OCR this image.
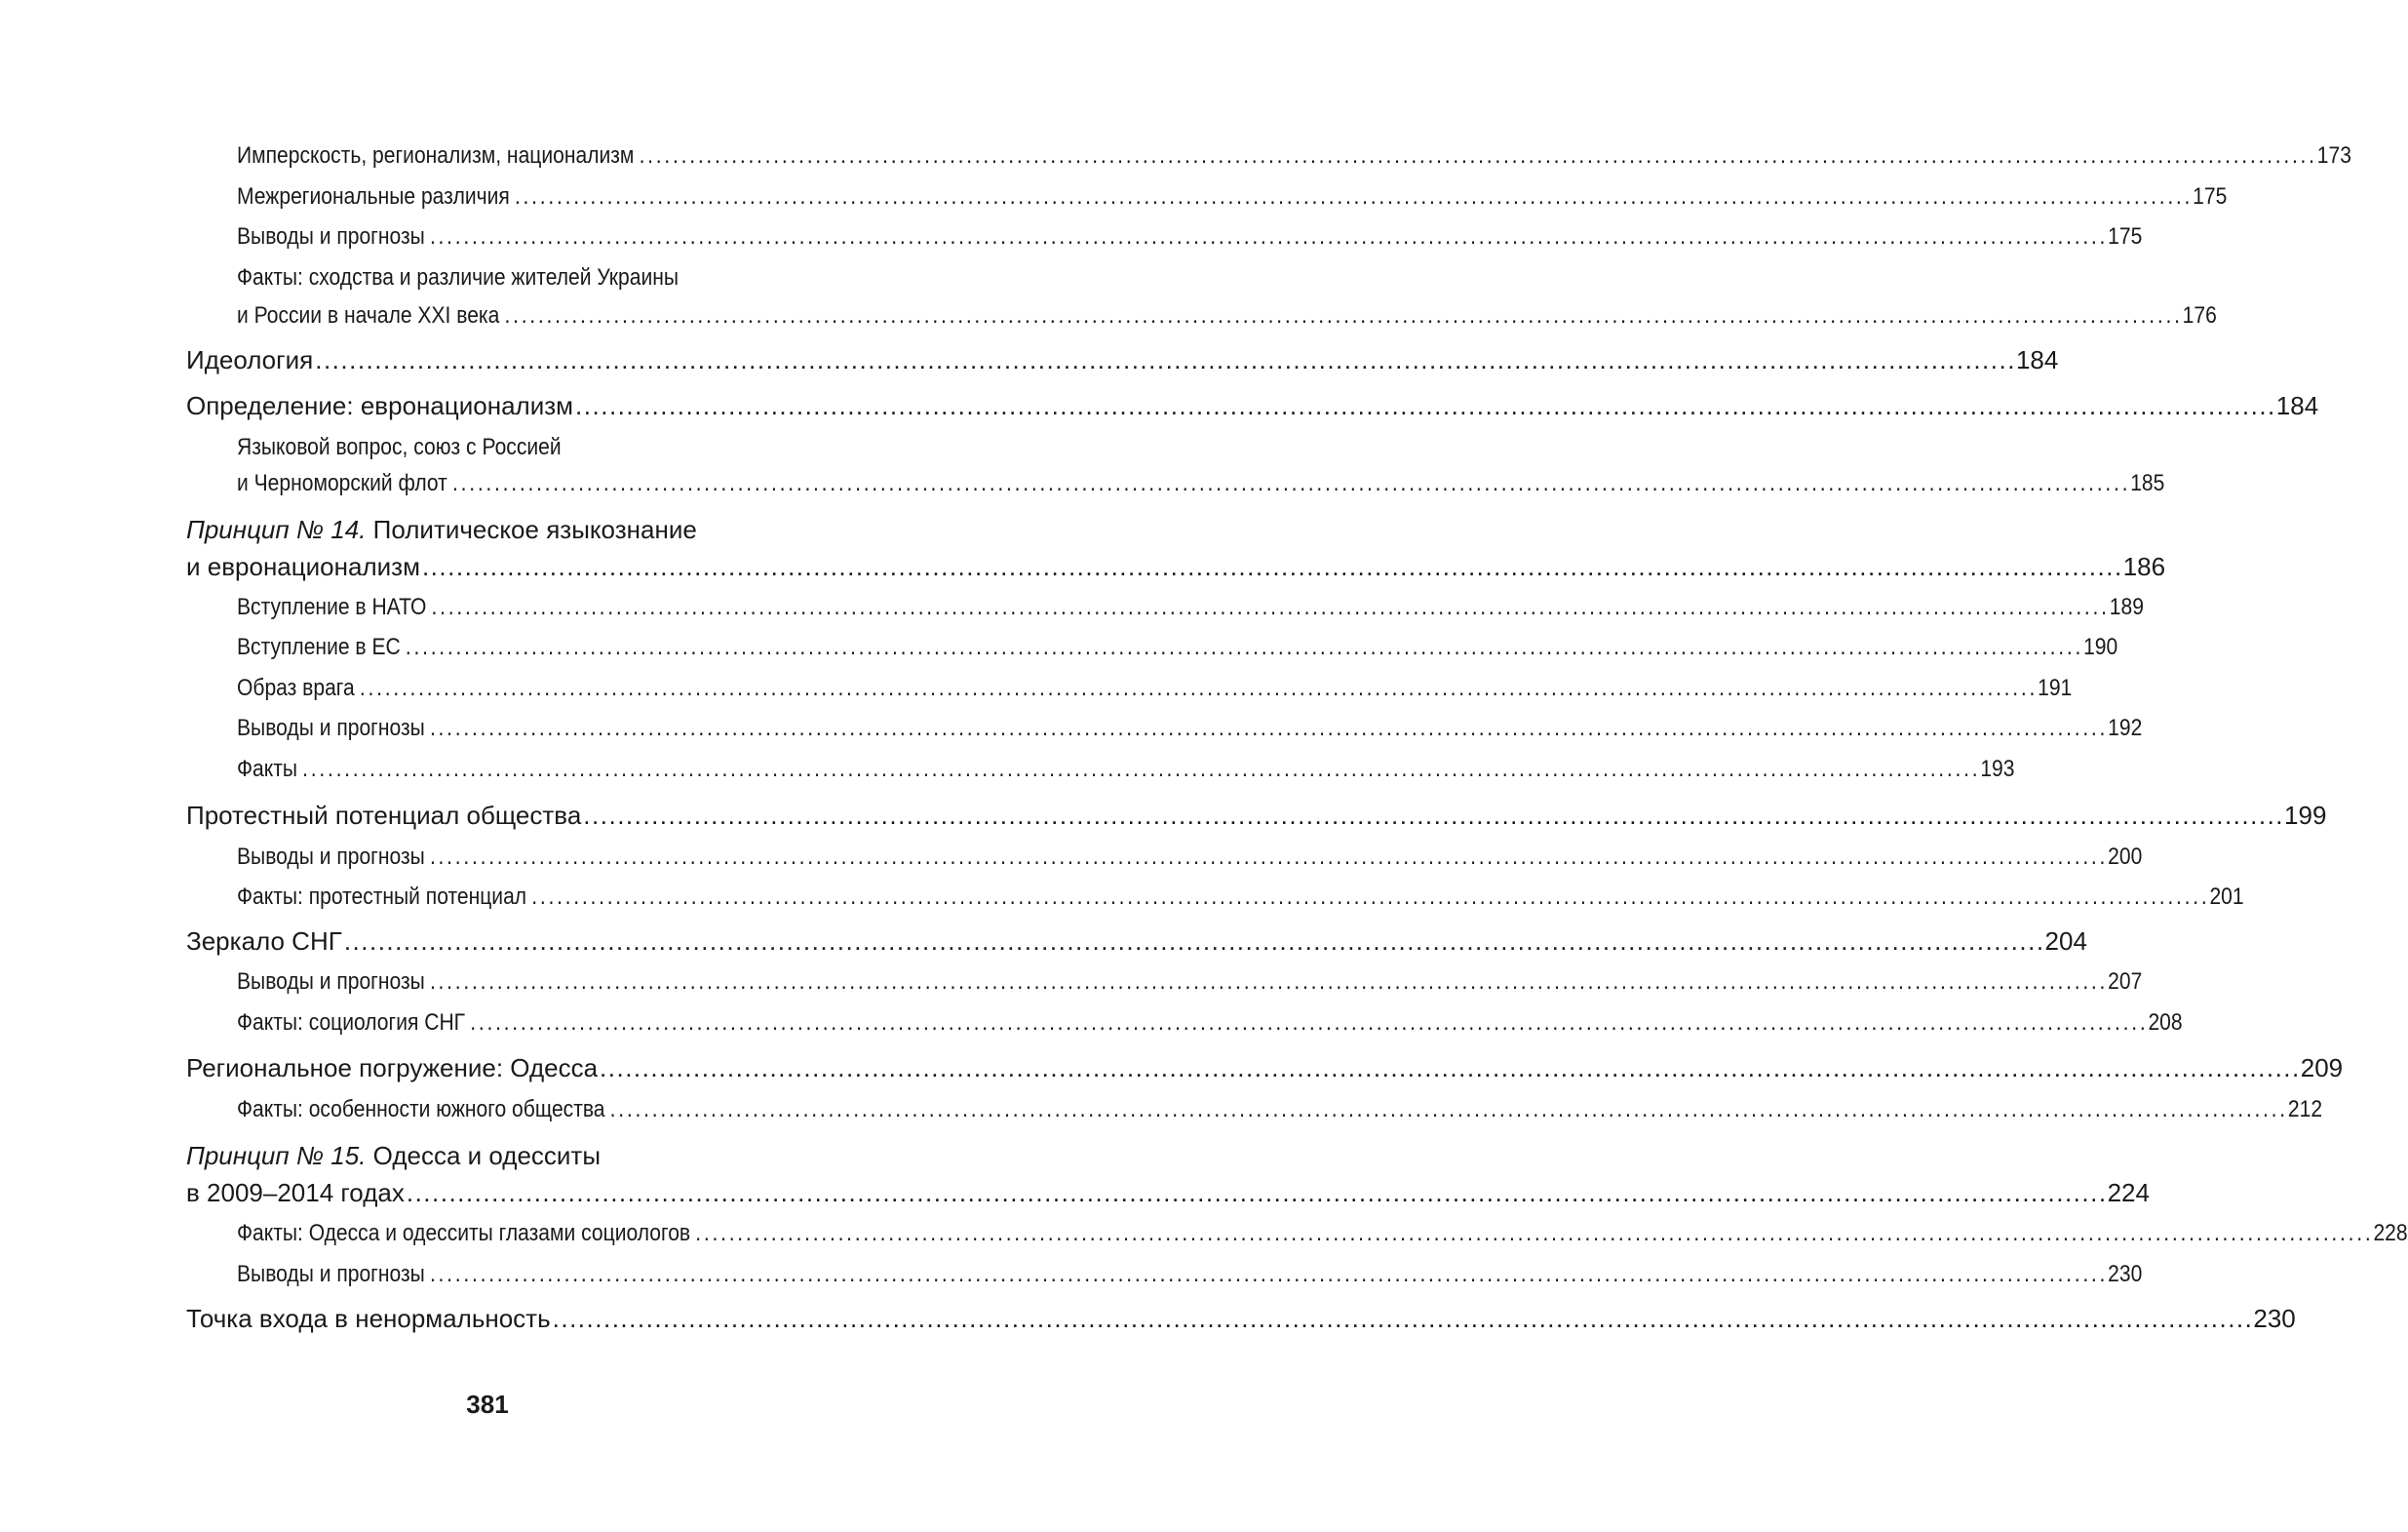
Имперскость, регионализм, национализм ........................................................................................................................................................................................................ 173
Межрегиональные различия ........................................................................................................................................................................................................ 175
Выводы и прогнозы ........................................................................................................................................................................................................ 175
Факты: сходства и различие жителей Украины
и России в начале XXI века ........................................................................................................................................................................................................ 176
Идеология ........................................................................................................................................................................................................ 184
Определение: евронационализм ........................................................................................................................................................................................................ 184
Языковой вопрос, союз с Россией
и Черноморский флот ........................................................................................................................................................................................................ 185
Принцип № 14. Политическое языкознание
и евронационализм ........................................................................................................................................................................................................ 186
Вступление в НАТО ........................................................................................................................................................................................................ 189
Вступление в ЕС ........................................................................................................................................................................................................ 190
Образ врага ........................................................................................................................................................................................................ 191
Выводы и прогнозы ........................................................................................................................................................................................................ 192
Факты ........................................................................................................................................................................................................ 193
Протестный потенциал общества ........................................................................................................................................................................................................ 199
Выводы и прогнозы ........................................................................................................................................................................................................ 200
Факты: протестный потенциал ........................................................................................................................................................................................................ 201
Зеркало СНГ ........................................................................................................................................................................................................ 204
Выводы и прогнозы ........................................................................................................................................................................................................ 207
Факты: социология СНГ ........................................................................................................................................................................................................ 208
Региональное погружение: Одесса ........................................................................................................................................................................................................ 209
Факты: особенности южного общества ........................................................................................................................................................................................................ 212
Принцип № 15. Одесса и одесситы
в 2009–2014 годах ........................................................................................................................................................................................................ 224
Факты: Одесса и одесситы глазами социологов ........................................................................................................................................................................................................ 228
Выводы и прогнозы ........................................................................................................................................................................................................ 230
Точка входа в ненормальность ........................................................................................................................................................................................................ 230
381
